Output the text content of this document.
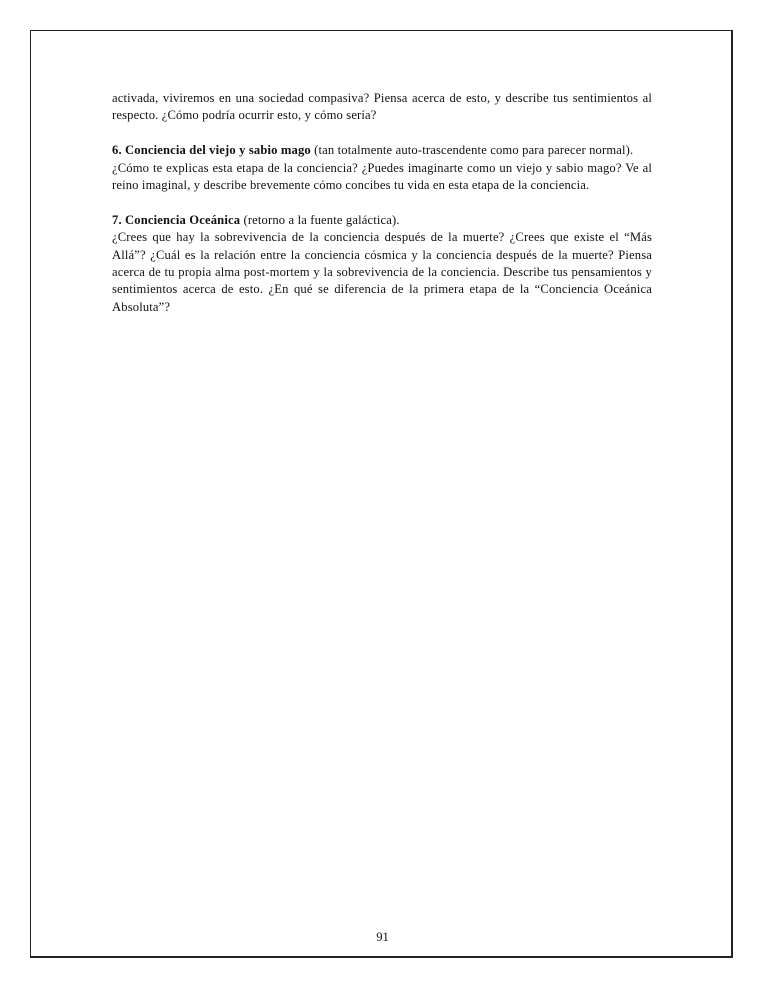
activada, viviremos en una sociedad compasiva? Piensa acerca de esto, y describe tus sentimientos al respecto. ¿Cómo podría ocurrir esto, y cómo sería?

6. Conciencia del viejo y sabio mago (tan totalmente auto-trascendente como para parecer normal).

¿Cómo te explicas esta etapa de la conciencia? ¿Puedes imaginarte como un viejo y sabio mago? Ve al reino imaginal, y describe brevemente cómo concibes tu vida en esta etapa de la conciencia.

7. Conciencia Oceánica (retorno a la fuente galáctica).

¿Crees que hay la sobrevivencia de la conciencia después de la muerte? ¿Crees que existe el “Más Allá”? ¿Cuál es la relación entre la conciencia cósmica y la conciencia después de la muerte? Piensa acerca de tu propia alma post-mortem y la sobrevivencia de la conciencia. Describe tus pensamientos y sentimientos acerca de esto. ¿En qué se diferencia de la primera etapa de la “Conciencia Oceánica Absoluta”?

91
